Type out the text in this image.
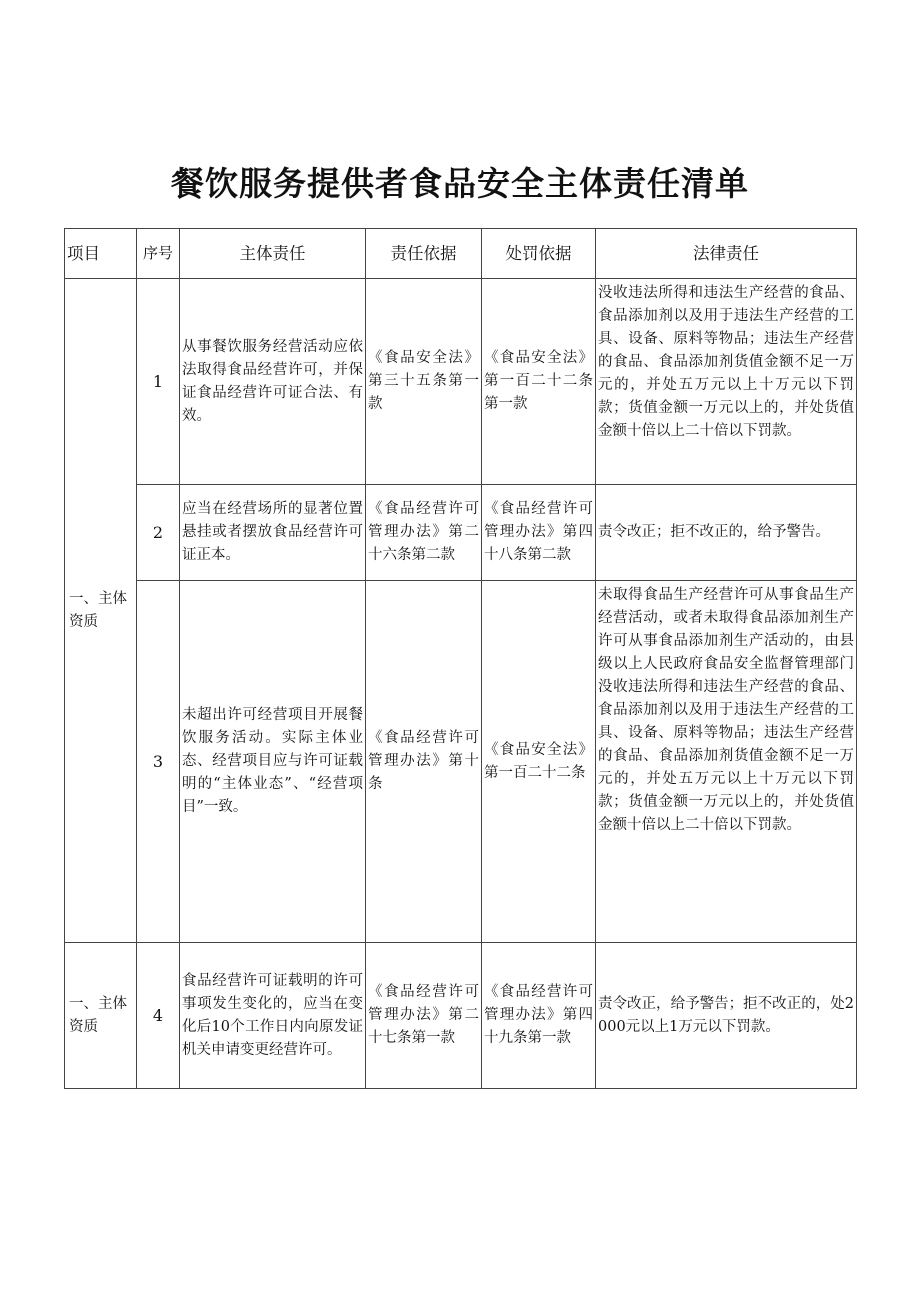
餐饮服务提供者食品安全主体责任清单
项目	序号	主体责任	责任依据	处罚依据	法律责任
一、主体资质	1	从事餐饮服务经营活动应依法取得食品经营许可，并保证食品经营许可证合法、有效。	《食品安全法》第三十五条第一款	《食品安全法》第一百二十二条第一款	没收违法所得和违法生产经营的食品、食品添加剂以及用于违法生产经营的工具、设备、原料等物品；违法生产经营的食品、食品添加剂货值金额不足一万元的，并处五万元以上十万元以下罚款；货值金额一万元以上的，并处货值金额十倍以上二十倍以下罚款。
	2	应当在经营场所的显著位置悬挂或者摆放食品经营许可证正本。	《食品经营许可管理办法》第二十六条第二款	《食品经营许可管理办法》第四十八条第二款	责令改正；拒不改正的，给予警告。
	3	未超出许可经营项目开展餐饮服务活动。实际主体业态、经营项目应与许可证载明的“主体业态”、“经营项目”一致。	《食品经营许可管理办法》第十条	《食品安全法》第一百二十二条	未取得食品生产经营许可从事食品生产经营活动，或者未取得食品添加剂生产许可从事食品添加剂生产活动的，由县级以上人民政府食品安全监督管理部门没收违法所得和违法生产经营的食品、食品添加剂以及用于违法生产经营的工具、设备、原料等物品；违法生产经营的食品、食品添加剂货值金额不足一万元的，并处五万元以上十万元以下罚款；货值金额一万元以上的，并处货值金额十倍以上二十倍以下罚款。
一、主体资质	4	食品经营许可证载明的许可事项发生变化的，应当在变化后10个工作日内向原发证机关申请变更经营许可。	《食品经营许可管理办法》第二十七条第一款	《食品经营许可管理办法》第四十九条第一款	责令改正，给予警告；拒不改正的，处2000元以上1万元以下罚款。
